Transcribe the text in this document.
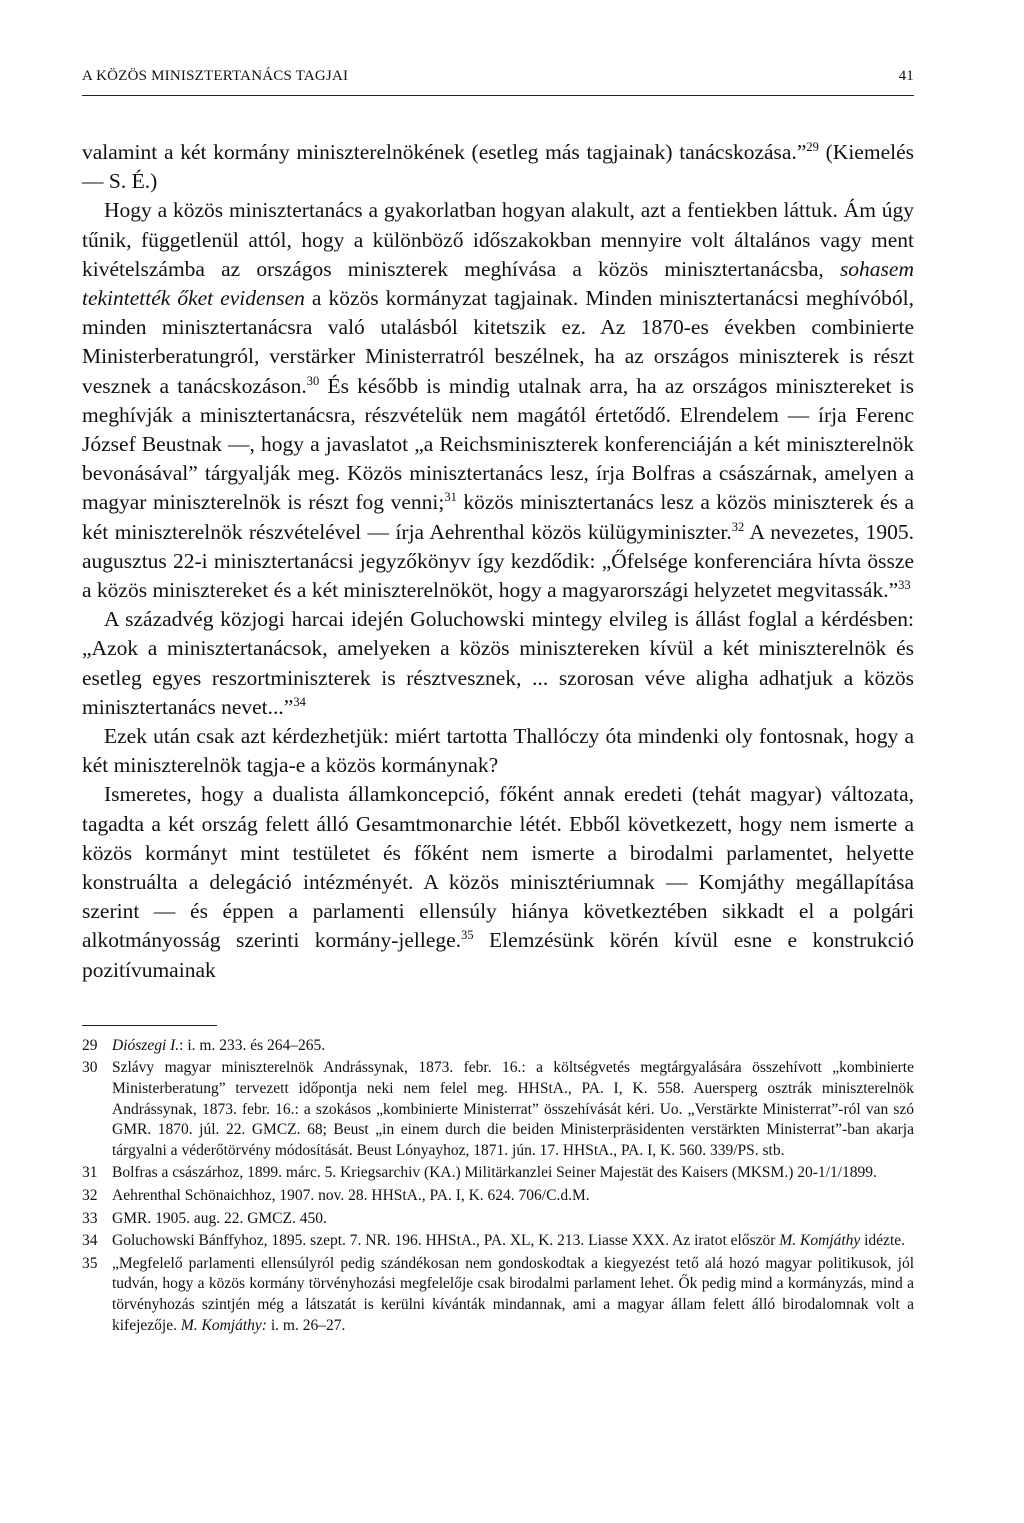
A KÖZÖS MINISZTERTANÁCS TAGJAI	41

valamint a két kormány miniszterelnökének (esetleg más tagjainak) tanácskozása.”$^{29}$ (Kiemelés — S. É.)

Hogy a közös minisztertanács a gyakorlatban hogyan alakult, azt a fentiekben láttuk. Ám úgy tűnik, függetlenül attól, hogy a különböző időszakokban mennyire volt általános vagy ment kivételszámba az országos miniszterek meghívása a közös minisztertanácsba, sohasem tekintették őket evidensen a közös kormányzat tagjainak. Minden minisztertanácsi meghívóból, minden minisztertanácsra való utalásból kitetszik ez. Az 1870-es években combinierte Ministerberatungról, verstärker Ministerratról beszélnek, ha az országos miniszterek is részt vesznek a tanácskozáson.$^{30}$ És később is mindig utalnak arra, ha az országos minisztereket is meghívják a minisztertanácsra, részvételük nem magától értetődő. Elrendelem — írja Ferenc József Beustnak —, hogy a javaslatot „a Reichsminiszterek konferenciáján a két miniszterelnök bevonásával” tárgyalják meg. Közös minisztertanács lesz, írja Bolfras a császárnak, amelyen a magyar miniszterelnök is részt fog venni;$^{31}$ közös minisztertanács lesz a közös miniszterek és a két miniszterelnök részvételével — írja Aehrenthal közös külügyminiszter.$^{32}$ A nevezetes, 1905. augusztus 22-i minisztertanácsi jegyzőkönyv így kezdődik: „Őfelsége konferenciára hívta össze a közös minisztereket és a két miniszterelnököt, hogy a magyarországi helyzetet megvitassák.”$^{33}$

A századvég közjogi harcai idején Goluchowski mintegy elvileg is állást foglal a kérdésben: „Azok a minisztertanácsok, amelyeken a közös minisztereken kívül a két miniszterelnök és esetleg egyes reszortminiszterek is résztvesznek, ... szorosan véve aligha adhatjuk a közös minisztertanács nevet...”$^{34}$

Ezek után csak azt kérdezhetjük: miért tartotta Thallóczy óta mindenki oly fontosnak, hogy a két miniszterelnök tagja-e a közös kormánynak?

Ismeretes, hogy a dualista államkoncepció, főként annak eredeti (tehát magyar) változata, tagadta a két ország felett álló Gesamtmonarchie létét. Ebből következett, hogy nem ismerte a közös kormányt mint testületet és főként nem ismerte a birodalmi parlamentet, helyette konstruálta a delegáció intézményét. A közös minisztériumnak — Komjáthy megállapítása szerint — és éppen a parlamenti ellensúly hiánya következtében sikkadt el a polgári alkotmányosság szerinti kormány-jellege.$^{35}$ Elemzésünk körén kívül esne e konstrukció pozitívumainak

29 Diószegi I.: i. m. 233. és 264–265.
30 Szlávy magyar miniszterelnök Andrássynak, 1873. febr. 16.: a költségvetés megtárgyalására összehívott „kombinierte Ministerberatung” tervezett időpontja neki nem felel meg. HHStA., PA. I, K. 558. Auersperg osztrák miniszterelnök Andrássynak, 1873. febr. 16.: a szokásos „kombinierte Ministerrat” összehívását kéri. Uo. „Verstärkte Ministerrat”-ról van szó GMR. 1870. júl. 22. GMCZ. 68; Beust „in einem durch die beiden Ministerpräsidenten verstärkten Ministerrat”-ban akarja tárgyalni a véderőtörvény módosítását. Beust Lónyayhoz, 1871. jún. 17. HHStA., PA. I, K. 560. 339/PS. stb.
31 Bolfras a császárhoz, 1899. márc. 5. Kriegsarchiv (KA.) Militärkanzlei Seiner Majestät des Kaisers (MKSM.) 20-1/1/1899.
32 Aehrenthal Schönaichhoz, 1907. nov. 28. HHStA., PA. I, K. 624. 706/C.d.M.
33 GMR. 1905. aug. 22. GMCZ. 450.
34 Goluchowski Bánffyhoz, 1895. szept. 7. NR. 196. HHStA., PA. XL, K. 213. Liasse XXX. Az iratot először M. Komjáthy idézte.
35 „Megfelelő parlamenti ellensúlyról pedig szándékosan nem gondoskodtak a kiegyezést tető alá hozó magyar politikusok, jól tudván, hogy a közös kormány törvényhozási megfelelője csak birodalmi parlament lehet. Ők pedig mind a kormányzás, mind a törvényhozás szintjén még a látszatát is kerülni kívánták mindannak, ami a magyar állam felett álló birodalomnak volt a kifejezője. M. Komjáthy: i. m. 26–27.
